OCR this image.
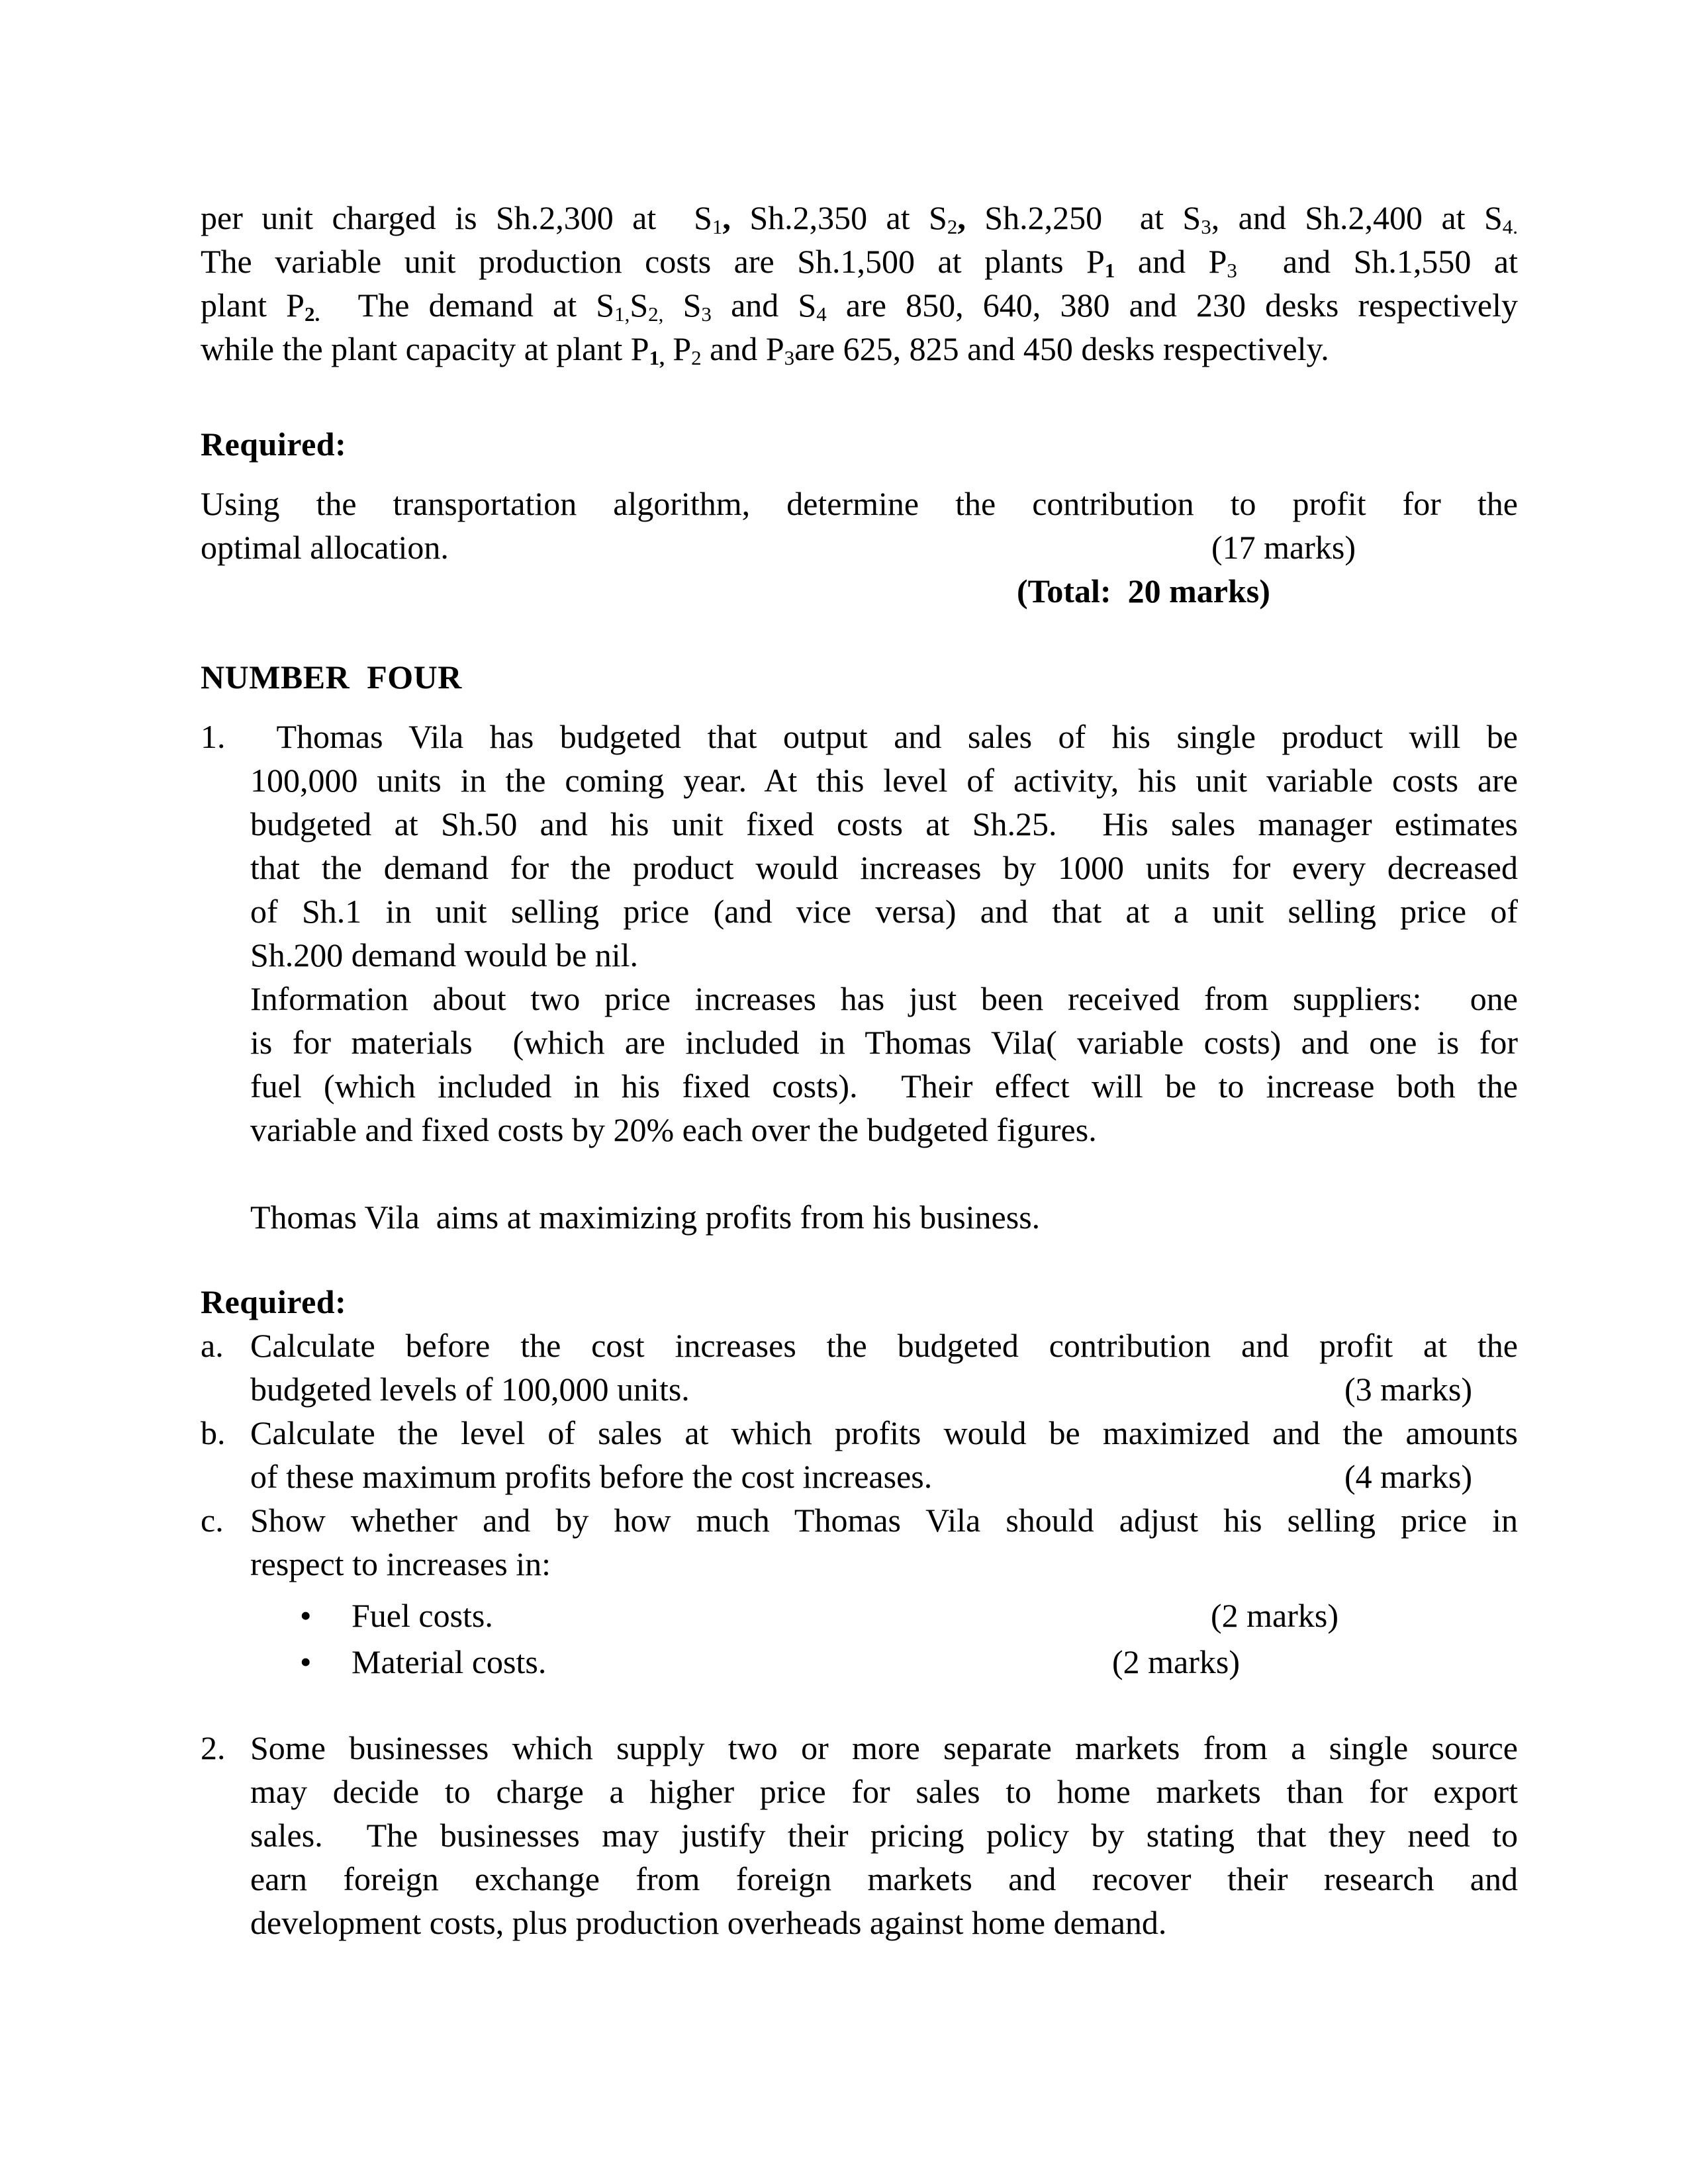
per unit charged is Sh.2,300 at  S1, Sh.2,350 at S2, Sh.2,250  at S3, and Sh.2,400 at S4.
The variable unit production costs are Sh.1,500 at plants P1 and P3  and Sh.1,550 at
plant P2.  The demand at S1,S2, S3 and S4 are 850, 640, 380 and 230 desks respectively
while the plant capacity at plant P1, P2 and P3are 625, 825 and 450 desks respectively.
Required:
Using the transportation algorithm, determine the contribution to profit for the
optimal allocation.	(17 marks)
(Total:  20 marks)
NUMBER  FOUR
1. Thomas Vila has budgeted that output and sales of his single product will be
100,000 units in the coming year. At this level of activity, his unit variable costs are
budgeted at Sh.50 and his unit fixed costs at Sh.25.  His sales manager estimates
that the demand for the product would increases by 1000 units for every decreased
of Sh.1 in unit selling price (and vice versa) and that at a unit selling price of
Sh.200 demand would be nil.
Information about two price increases has just been received from suppliers:  one
is for materials  (which are included in Thomas Vila( variable costs) and one is for
fuel (which included in his fixed costs).  Their effect will be to increase both the
variable and fixed costs by 20% each over the budgeted figures.

Thomas Vila  aims at maximizing profits from his business.
Required:
a. Calculate before the cost increases the budgeted contribution and profit at the
budgeted levels of 100,000 units.	(3 marks)
b. Calculate the level of sales at which profits would be maximized and the amounts
of these maximum profits before the cost increases.	(4 marks)
c. Show whether and by how much Thomas Vila should adjust his selling price in
respect to increases in:
• Fuel costs.	(2 marks)
• Material costs.	(2 marks)
2. Some businesses which supply two or more separate markets from a single source
may decide to charge a higher price for sales to home markets than for export
sales.  The businesses may justify their pricing policy by stating that they need to
earn foreign exchange from foreign markets and recover their research and
development costs, plus production overheads against home demand.
